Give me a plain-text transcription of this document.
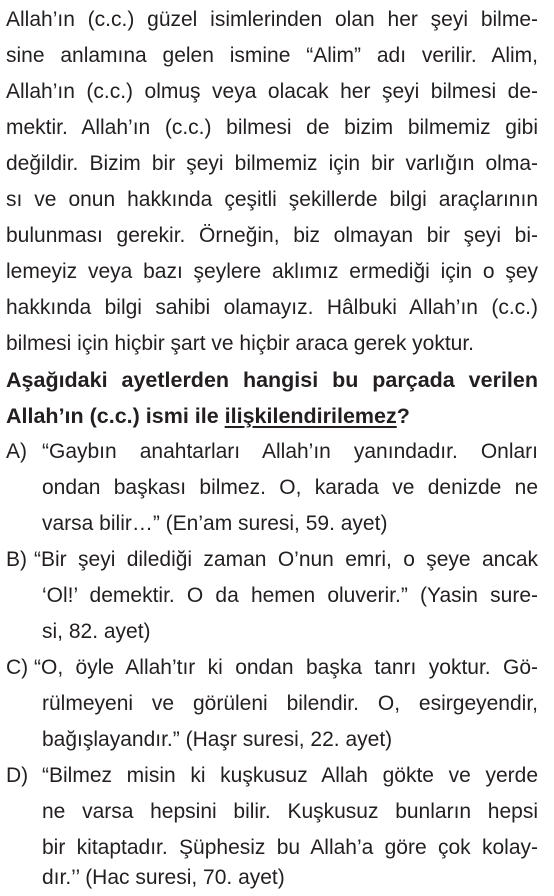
Allah’ın (c.c.) güzel isimlerinden olan her şeyi bilme-
sine anlamına gelen ismine “Alim” adı verilir. Alim,
Allah’ın (c.c.) olmuş veya olacak her şeyi bilmesi de-
mektir. Allah’ın (c.c.) bilmesi de bizim bilmemiz gibi
değildir. Bizim bir şeyi bilmemiz için bir varlığın olma-
sı ve onun hakkında çeşitli şekillerde bilgi araçlarının
bulunması gerekir. Örneğin, biz olmayan bir şeyi bi-
lemeyiz veya bazı şeylere aklımız ermediği için o şey
hakkında bilgi sahibi olamayız. Hâlbuki Allah’ın (c.c.)
bilmesi için hiçbir şart ve hiçbir araca gerek yoktur.
Aşağıdaki ayetlerden hangisi bu parçada verilen
Allah’ın (c.c.) ismi ile ilişkilendirilemez?
A) “Gaybın anahtarları Allah’ın yanındadır. Onları
ondan başkası bilmez. O, karada ve denizde ne
varsa bilir…” (En’am suresi, 59. ayet)
B) “Bir şeyi dilediği zaman O’nun emri, o şeye ancak
‘Ol!’ demektir. O da hemen oluverir.” (Yasin sure-
si, 82. ayet)
C) “O, öyle Allah’tır ki ondan başka tanrı yoktur. Gö-
rülmeyeni ve görüleni bilendir. O, esirgeyendir,
bağışlayandır.” (Haşr suresi, 22. ayet)
D) “Bilmez misin ki kuşkusuz Allah gökte ve yerde
ne varsa hepsini bilir. Kuşkusuz bunların hepsi
bir kitaptadır. Şüphesiz bu Allah’a göre çok kolay-
dır.’’ (Hac suresi, 70. ayet)
